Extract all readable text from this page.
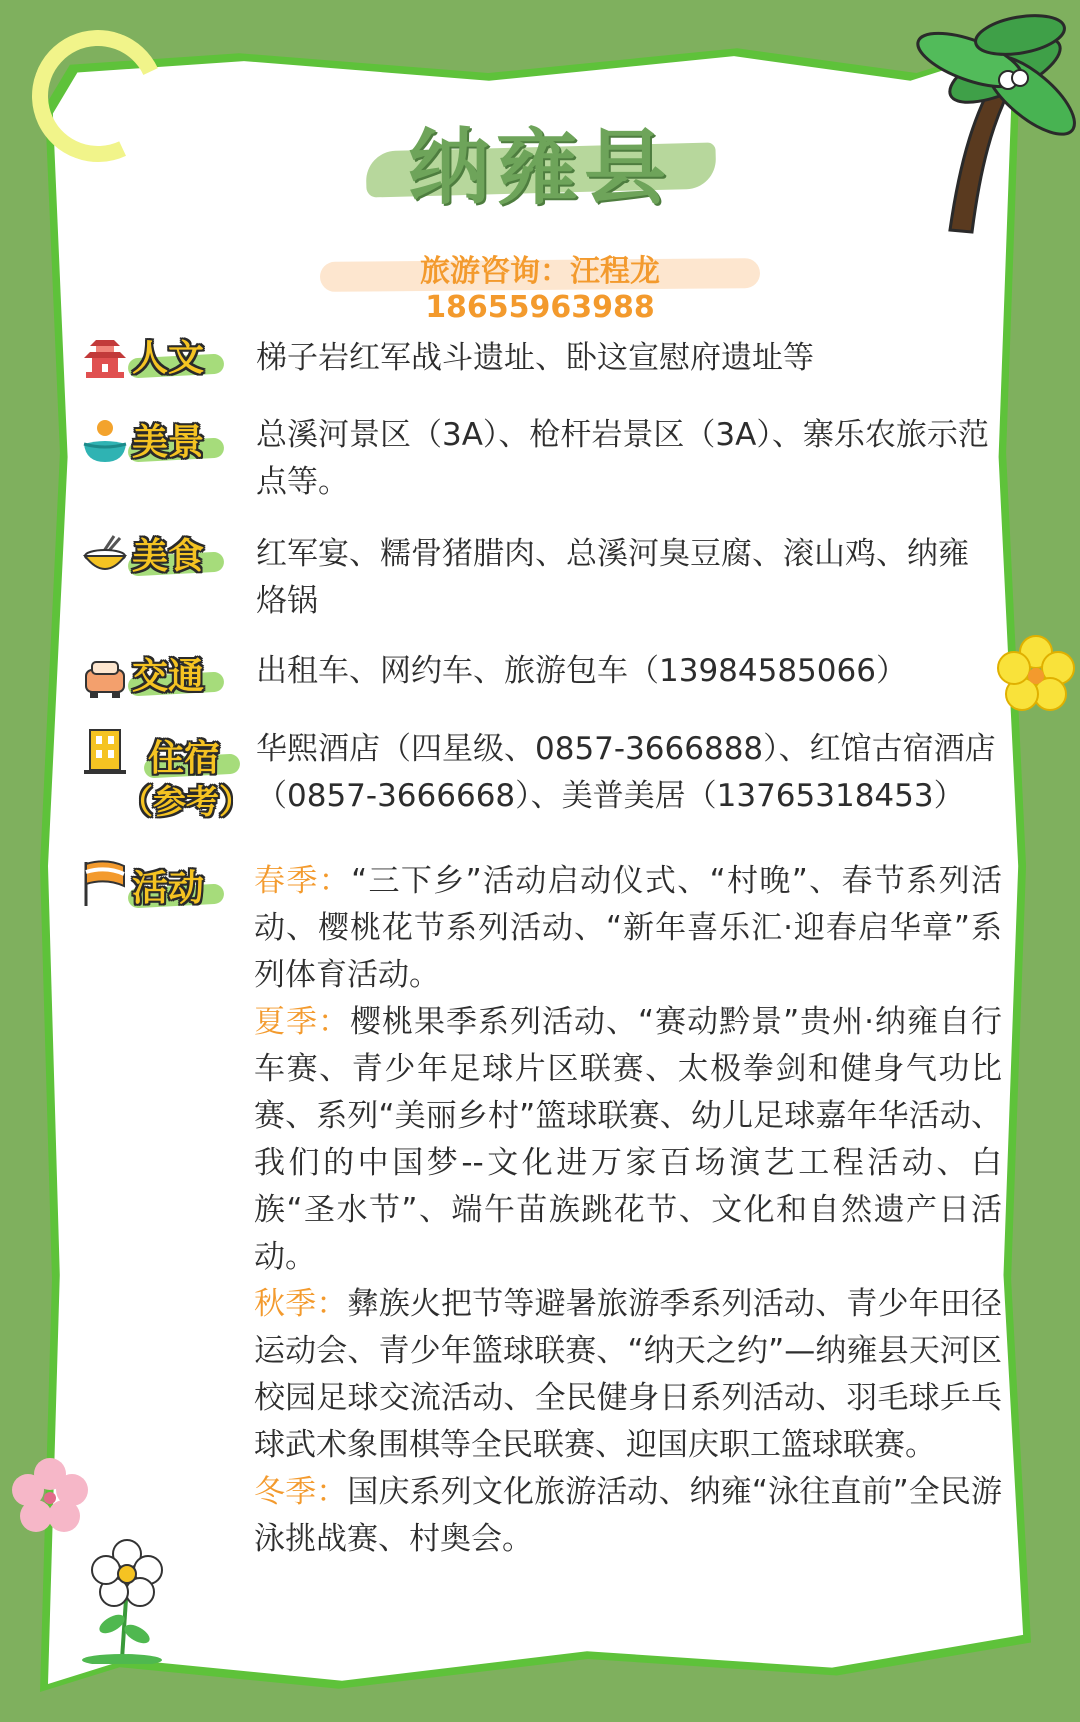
纳雍县
旅游咨询：汪程龙18655963988
人文 梯子岩红军战斗遗址、卧这宣慰府遗址等
美景 总溪河景区（3A）、枪杆岩景区（3A）、寨乐农旅示范点等。
美食 红军宴、糯骨猪腊肉、总溪河臭豆腐、滚山鸡、纳雍烙锅
交通 出租车、网约车、旅游包车（13984585066）
住宿
（参考）
华熙酒店（四星级、0857-3666888）、红馆古宿酒店（0857-3666668）、美普美居（13765318453）
活动 春季：“三下乡”活动启动仪式、“村晚”、春节系列活动、樱桃花节系列活动、“新年喜乐汇·迎春启华章”系列体育活动。
夏季：樱桃果季系列活动、“赛动黔景”贵州·纳雍自行车赛、青少年足球片区联赛、太极拳剑和健身气功比赛、系列“美丽乡村”篮球联赛、幼儿足球嘉年华活动、我们的中国梦--文化进万家百场演艺工程活动、白族“圣水节”、端午苗族跳花节、文化和自然遗产日活动。
秋季：彝族火把节等避暑旅游季系列活动、青少年田径运动会、青少年篮球联赛、“纳天之约”—纳雍县天河区校园足球交流活动、全民健身日系列活动、羽毛球乒乓球武术象围棋等全民联赛、迎国庆职工篮球联赛。
冬季：国庆系列文化旅游活动、纳雍“泳往直前”全民游泳挑战赛、村奥会。
